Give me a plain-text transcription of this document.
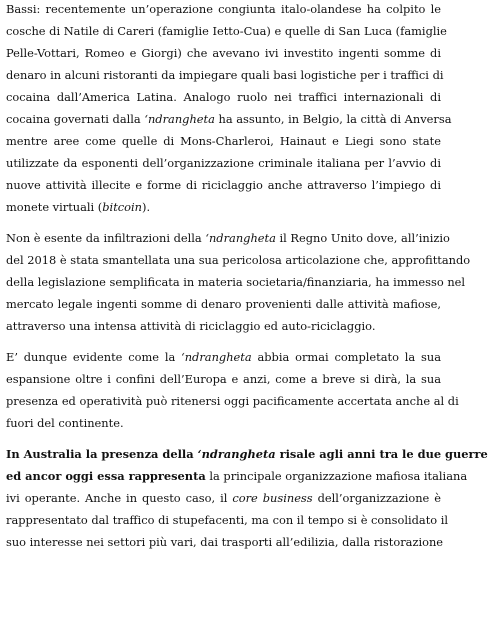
Bassi: recentemente un’operazione congiunta italo-olandese ha colpito le
cosche di Natile di Careri (famiglie Ietto-Cua) e quelle di San Luca (famiglie
Pelle-Vottari, Romeo e Giorgi) che avevano ivi investito ingenti somme di
denaro in alcuni ristoranti da impiegare quali basi logistiche per i traffici di
cocaina dall’America Latina. Analogo ruolo nei traffici internazionali di
cocaina governati dalla ‘ndrangheta ha assunto, in Belgio, la città di Anversa
mentre aree come quelle di Mons-Charleroi, Hainaut e Liegi sono state
utilizzate da esponenti dell’organizzazione criminale italiana per l’avvio di
nuove attività illecite e forme di riciclaggio anche attraverso l’impiego di
monete virtuali (bitcoin).
Non è esente da infiltrazioni della ‘ndrangheta il Regno Unito dove, all’inizio
del 2018 è stata smantellata una sua pericolosa articolazione che, approfittando
della legislazione semplificata in materia societaria/finanziaria, ha immesso nel
mercato legale ingenti somme di denaro provenienti dalle attività mafiose,
attraverso una intensa attività di riciclaggio ed auto-riciclaggio.
E’ dunque evidente come la ‘ndrangheta abbia ormai completato la sua
espansione oltre i confini dell’Europa e anzi, come a breve si dirà, la sua
presenza ed operatività può ritenersi oggi pacificamente accertata anche al di
fuori del continente.
In Australia la presenza della ‘ndrangheta risale agli anni tra le due guerre
ed ancor oggi essa rappresenta la principale organizzazione mafiosa italiana
ivi operante. Anche in questo caso, il core business dell’organizzazione è
rappresentato dal traffico di stupefacenti, ma con il tempo si è consolidato il
suo interesse nei settori più vari, dai trasporti all’edilizia, dalla ristorazione
